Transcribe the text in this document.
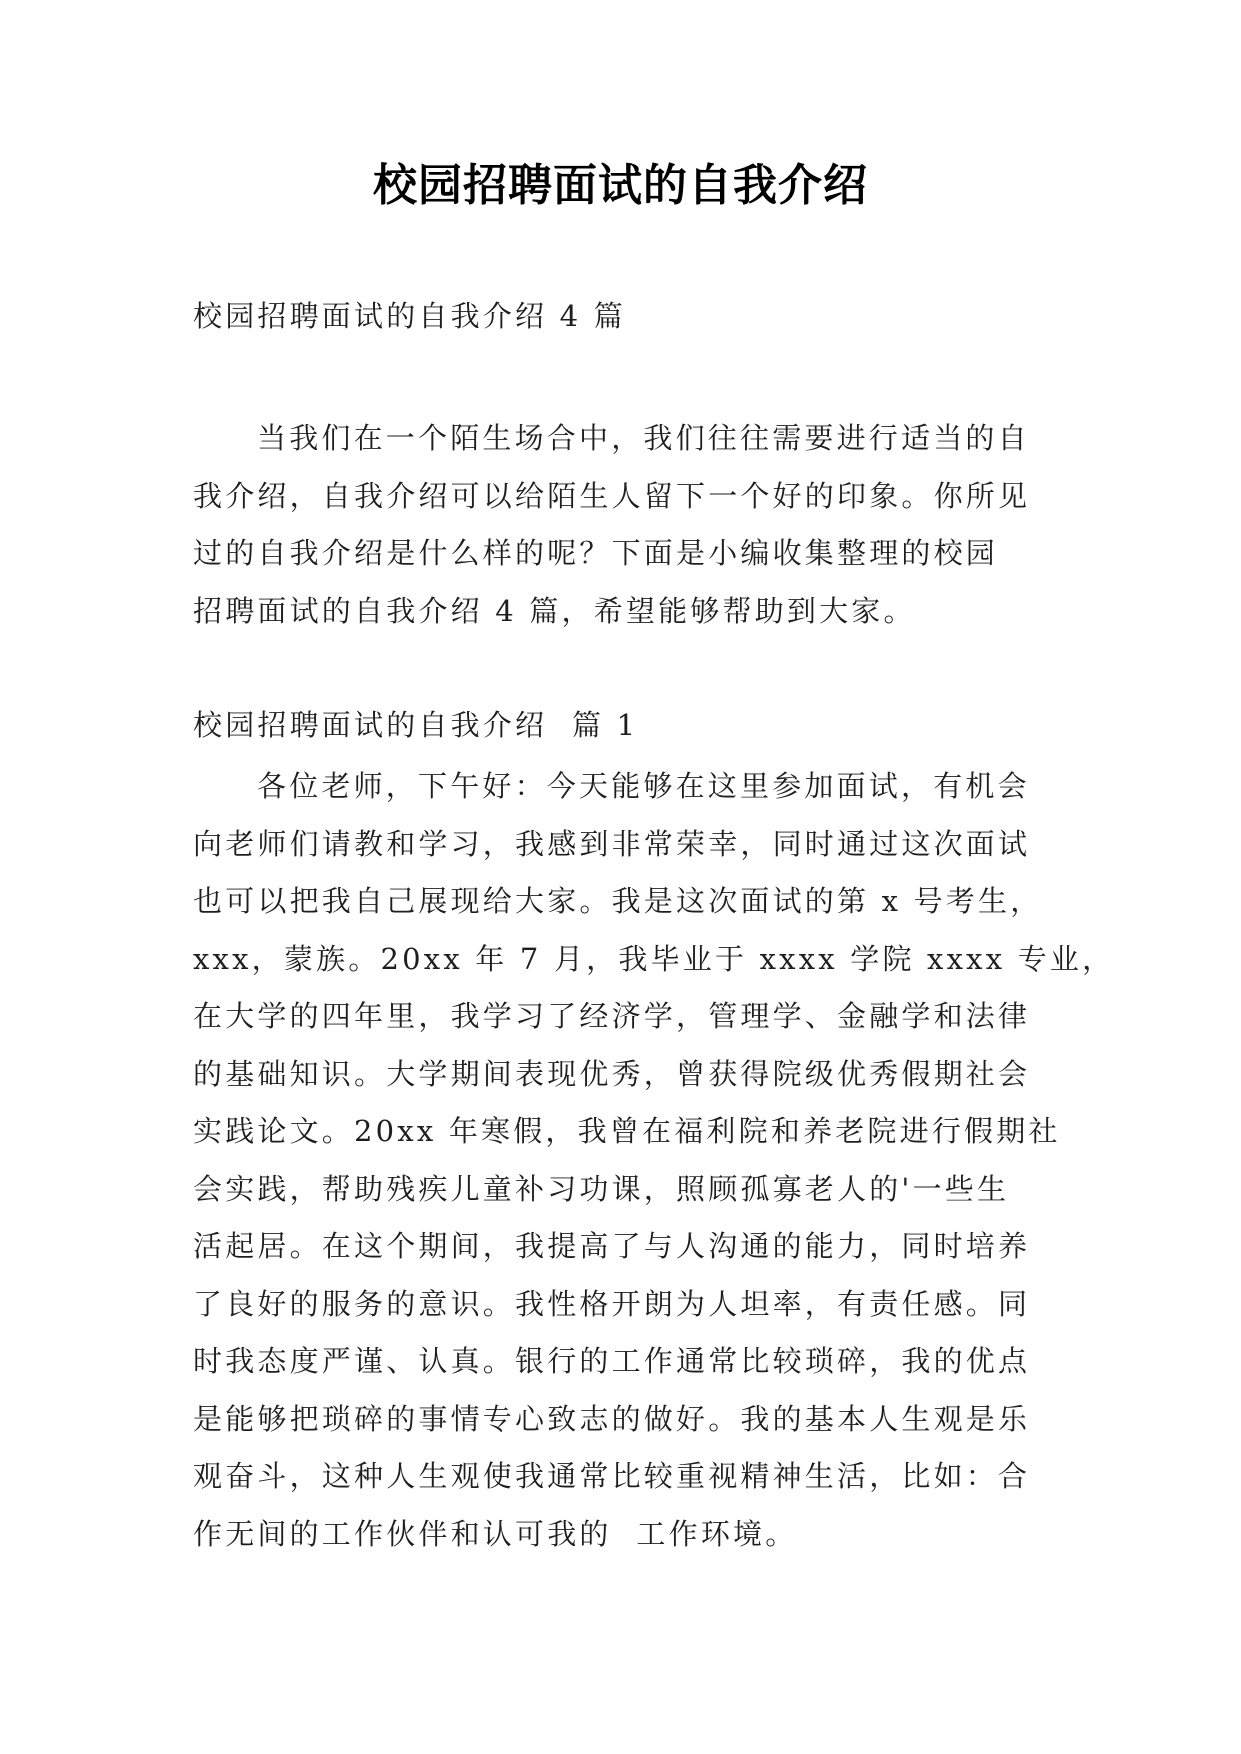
校园招聘面试的自我介绍

校园招聘面试的自我介绍 4 篇

当我们在一个陌生场合中，我们往往需要进行适当的自
我介绍，自我介绍可以给陌生人留下一个好的印象。你所见
过的自我介绍是什么样的呢？下面是小编收集整理的校园
招聘面试的自我介绍 4 篇，希望能够帮助到大家。

校园招聘面试的自我介绍  篇 1

各位老师，下午好：今天能够在这里参加面试，有机会
向老师们请教和学习，我感到非常荣幸，同时通过这次面试
也可以把我自己展现给大家。我是这次面试的第 x 号考生，
xxx，蒙族。20xx 年 7 月，我毕业于 xxxx 学院 xxxx 专业，
在大学的四年里，我学习了经济学，管理学、金融学和法律
的基础知识。大学期间表现优秀，曾获得院级优秀假期社会
实践论文。20xx 年寒假，我曾在福利院和养老院进行假期社
会实践，帮助残疾儿童补习功课，照顾孤寡老人的'一些生
活起居。在这个期间，我提高了与人沟通的能力，同时培养
了良好的服务的意识。我性格开朗为人坦率，有责任感。同
时我态度严谨、认真。银行的工作通常比较琐碎，我的优点
是能够把琐碎的事情专心致志的做好。我的基本人生观是乐
观奋斗，这种人生观使我通常比较重视精神生活，比如：合
作无间的工作伙伴和认可我的  工作环境。
